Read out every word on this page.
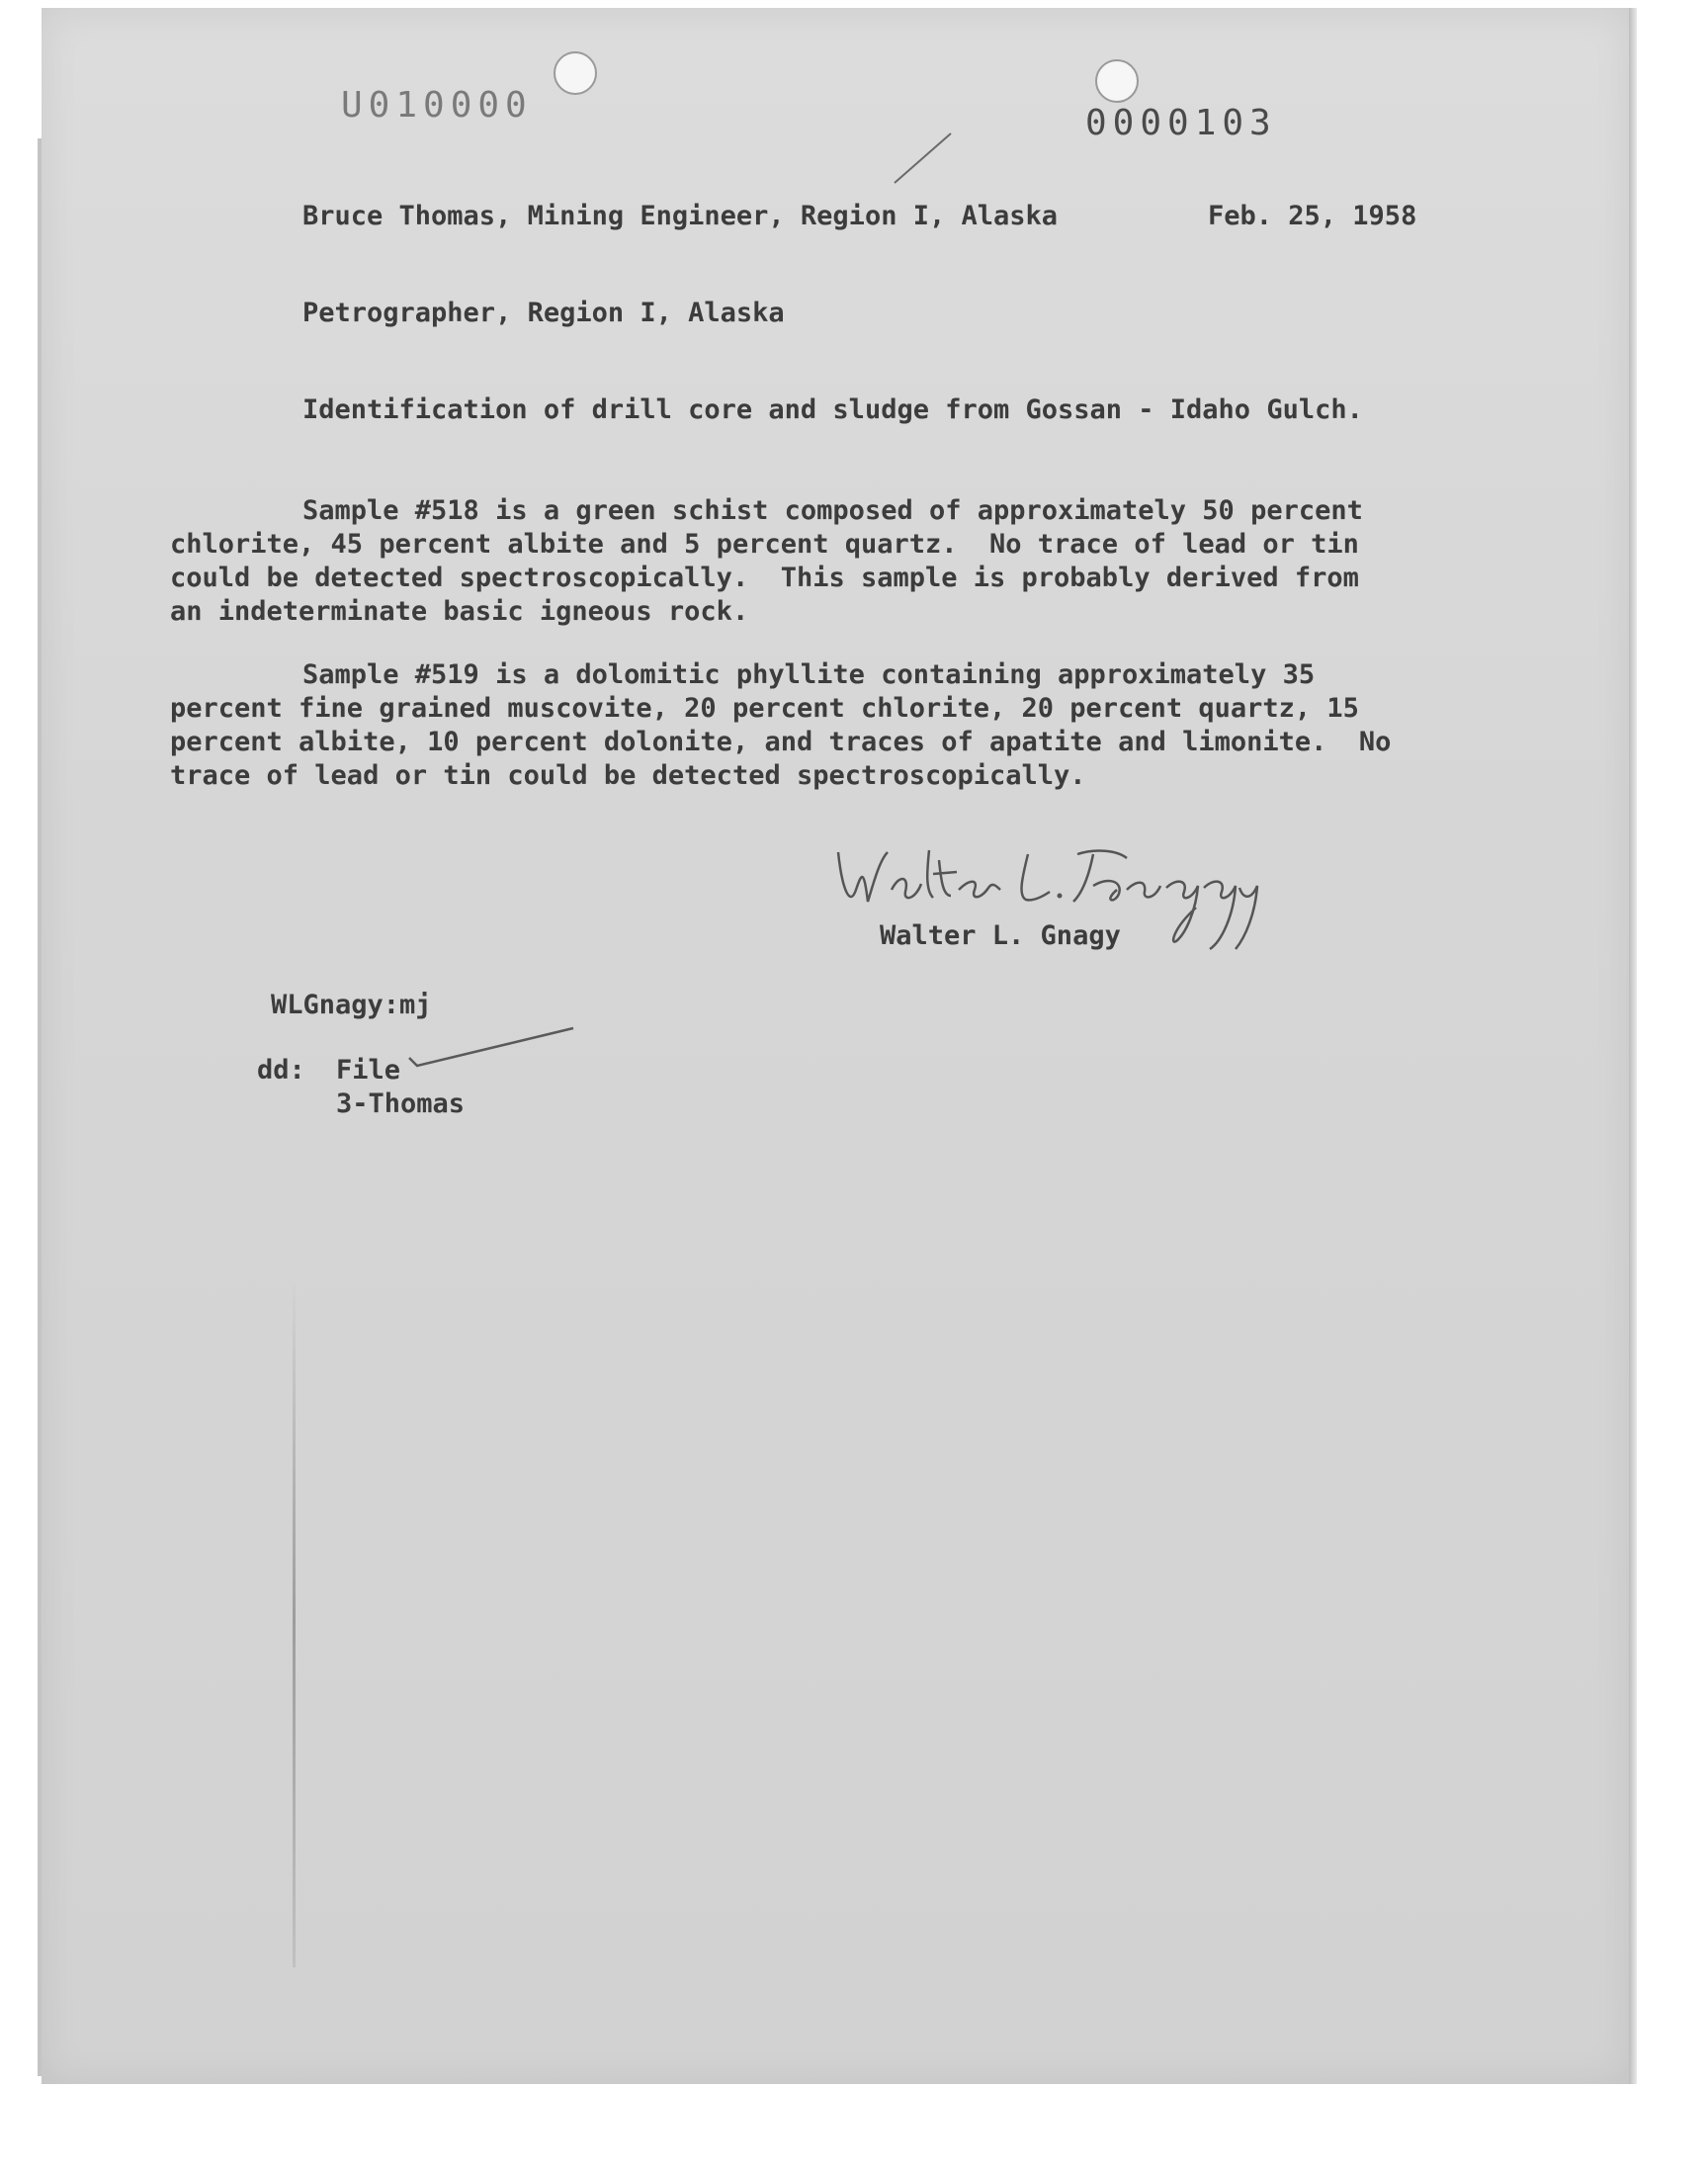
U010000	0000103
Bruce Thomas, Mining Engineer, Region I, Alaska	Feb. 25, 1958
Petrographer, Region I, Alaska
Identification of drill core and sludge from Gossan - Idaho Gulch.
Sample #518 is a green schist composed of approximately 50 percent
chlorite, 45 percent albite and 5 percent quartz.  No trace of lead or tin
could be detected spectroscopically.  This sample is probably derived from
an indeterminate basic igneous rock.
Sample #519 is a dolomitic phyllite containing approximately 35
percent fine grained muscovite, 20 percent chlorite, 20 percent quartz, 15
percent albite, 10 percent dolonite, and traces of apatite and limonite.  No
trace of lead or tin could be detected spectroscopically.
Walter L. Gnagy
WLGnagy:mj
dd: File
3-Thomas
